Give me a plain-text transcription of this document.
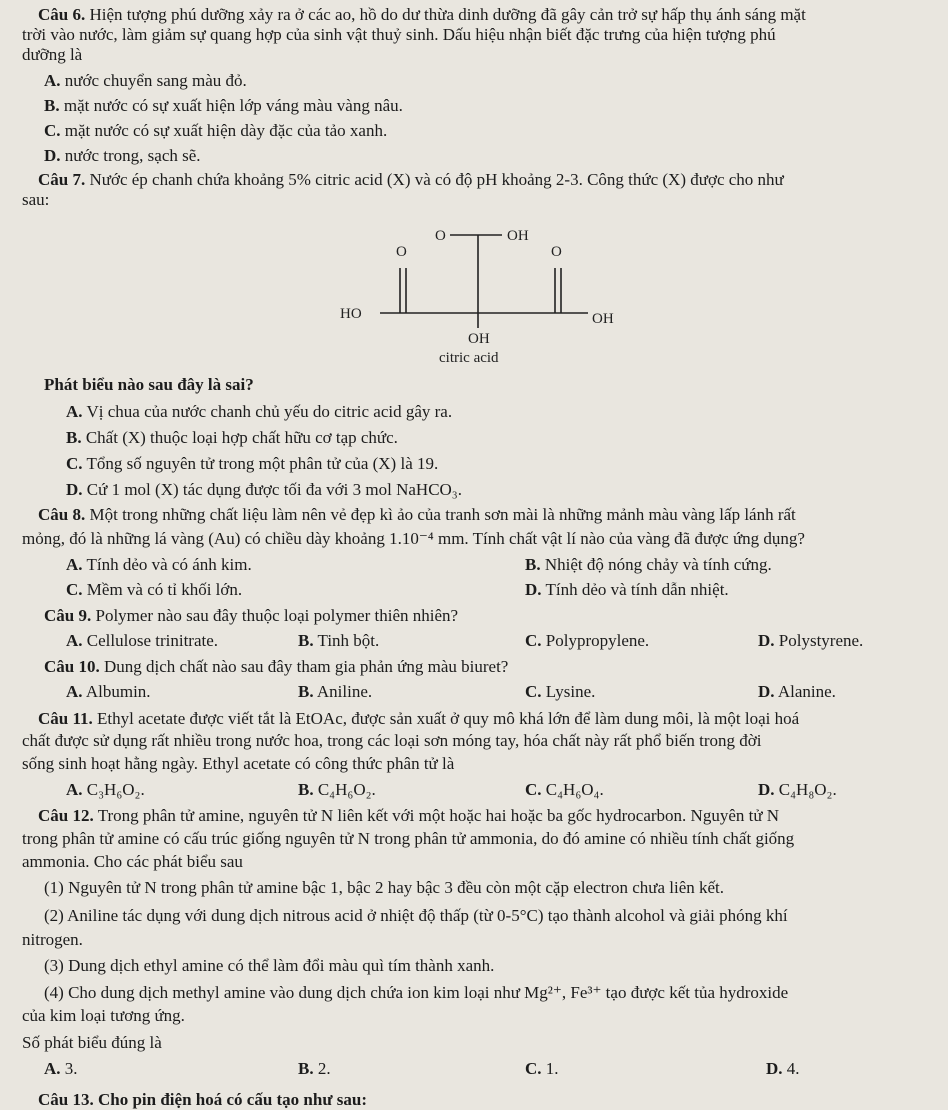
Câu 6. Hiện tượng phú dưỡng xảy ra ở các ao, hồ do dư thừa dinh dưỡng đã gây cản trở sự hấp thụ ánh sáng mặt
trời vào nước, làm giảm sự quang hợp của sinh vật thuỷ sinh. Dấu hiệu nhận biết đặc trưng của hiện tượng phú
dưỡng là
A. nước chuyển sang màu đỏ.
B. mặt nước có sự xuất hiện lớp váng màu vàng nâu.
C. mặt nước có sự xuất hiện dày đặc của tảo xanh.
D. nước trong, sạch sẽ.
Câu 7. Nước ép chanh chứa khoảng 5% citric acid (X) và có độ pH khoảng 2-3. Công thức (X) được cho như
sau:
O	OH
O	O
HO	OH
OH
citric acid
Phát biểu nào sau đây là sai?
A. Vị chua của nước chanh chủ yếu do citric acid gây ra.
B. Chất (X) thuộc loại hợp chất hữu cơ tạp chức.
C. Tổng số nguyên tử trong một phân tử của (X) là 19.
D. Cứ 1 mol (X) tác dụng được tối đa với 3 mol NaHCO₃.
Câu 8. Một trong những chất liệu làm nên vẻ đẹp kì ảo của tranh sơn mài là những mảnh màu vàng lấp lánh rất
mỏng, đó là những lá vàng (Au) có chiều dày khoảng 1.10⁻⁴ mm. Tính chất vật lí nào của vàng đã được ứng dụng?
A. Tính dẻo và có ánh kim.	B. Nhiệt độ nóng chảy và tính cứng.
C. Mềm và có tỉ khối lớn.	D. Tính dẻo và tính dẫn nhiệt.
Câu 9. Polymer nào sau đây thuộc loại polymer thiên nhiên?
A. Cellulose trinitrate.	B. Tinh bột.	C. Polypropylene.	D. Polystyrene.
Câu 10. Dung dịch chất nào sau đây tham gia phản ứng màu biuret?
A. Albumin.	B. Aniline.	C. Lysine.	D. Alanine.
Câu 11. Ethyl acetate được viết tắt là EtOAc, được sản xuất ở quy mô khá lớn để làm dung môi, là một loại hoá
chất được sử dụng rất nhiều trong nước hoa, trong các loại sơn móng tay, hóa chất này rất phổ biến trong đời
sống sinh hoạt hằng ngày. Ethyl acetate có công thức phân tử là
A. C₃H₆O₂.	B. C₄H₆O₂.	C. C₄H₆O₄.	D. C₄H₈O₂.
Câu 12. Trong phân tử amine, nguyên tử N liên kết với một hoặc hai hoặc ba gốc hydrocarbon. Nguyên tử N
trong phân tử amine có cấu trúc giống nguyên tử N trong phân tử ammonia, do đó amine có nhiều tính chất giống
ammonia. Cho các phát biểu sau
(1) Nguyên tử N trong phân tử amine bậc 1, bậc 2 hay bậc 3 đều còn một cặp electron chưa liên kết.
(2) Aniline tác dụng với dung dịch nitrous acid ở nhiệt độ thấp (từ 0-5°C) tạo thành alcohol và giải phóng khí
nitrogen.
(3) Dung dịch ethyl amine có thể làm đổi màu quì tím thành xanh.
(4) Cho dung dịch methyl amine vào dung dịch chứa ion kim loại như Mg²⁺, Fe³⁺ tạo được kết tủa hydroxide
của kim loại tương ứng.
Số phát biểu đúng là
A. 3.	B. 2.	C. 1.	D. 4.
Câu 13. Cho pin điện hoá có cấu tạo như sau:
